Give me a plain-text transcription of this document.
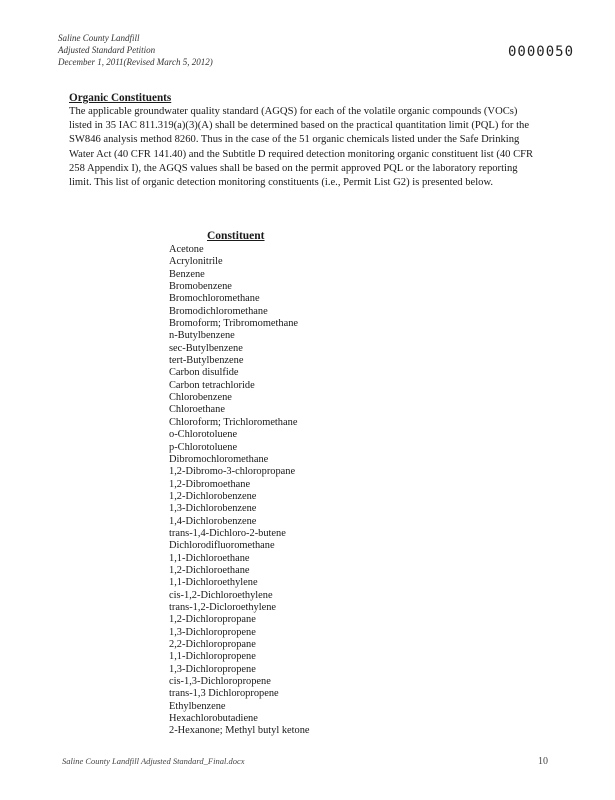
Saline County Landfill
Adjusted Standard Petition
December 1, 2011(Revised March 5, 2012)
0000050

Organic Constituents

The applicable groundwater quality standard (AGQS) for each of the volatile organic compounds (VOCs) listed in 35 IAC 811.319(a)(3)(A) shall be determined based on the practical quantitation limit (PQL) for the SW846 analysis method 8260. Thus in the case of the 51 organic chemicals listed under the Safe Drinking Water Act (40 CFR 141.40) and the Subtitle D required detection monitoring organic constituent list (40 CFR 258 Appendix I), the AGQS values shall be based on the permit approved PQL or the laboratory reporting limit. This list of organic detection monitoring constituents (i.e., Permit List G2) is presented below.

Constituent
Acetone
Acrylonitrile
Benzene
Bromobenzene
Bromochloromethane
Bromodichloromethane
Bromoform; Tribromomethane
n-Butylbenzene
sec-Butylbenzene
tert-Butylbenzene
Carbon disulfide
Carbon tetrachloride
Chlorobenzene
Chloroethane
Chloroform; Trichloromethane
o-Chlorotoluene
p-Chlorotoluene
Dibromochloromethane
1,2-Dibromo-3-chloropropane
1,2-Dibromoethane
1,2-Dichlorobenzene
1,3-Dichlorobenzene
1,4-Dichlorobenzene
trans-1,4-Dichloro-2-butene
Dichlorodifluoromethane
1,1-Dichloroethane
1,2-Dichloroethane
1,1-Dichloroethylene
cis-1,2-Dichloroethylene
trans-1,2-Dicloroethylene
1,2-Dichloropropane
1,3-Dichloropropene
2,2-Dichloropropane
1,1-Dichloropropene
1,3-Dichloropropene
cis-1,3-Dichloropropene
trans-1,3 Dichloropropene
Ethylbenzene
Hexachlorobutadiene
2-Hexanone; Methyl butyl ketone
Saline County Landfill Adjusted Standard_Final.docx	10
